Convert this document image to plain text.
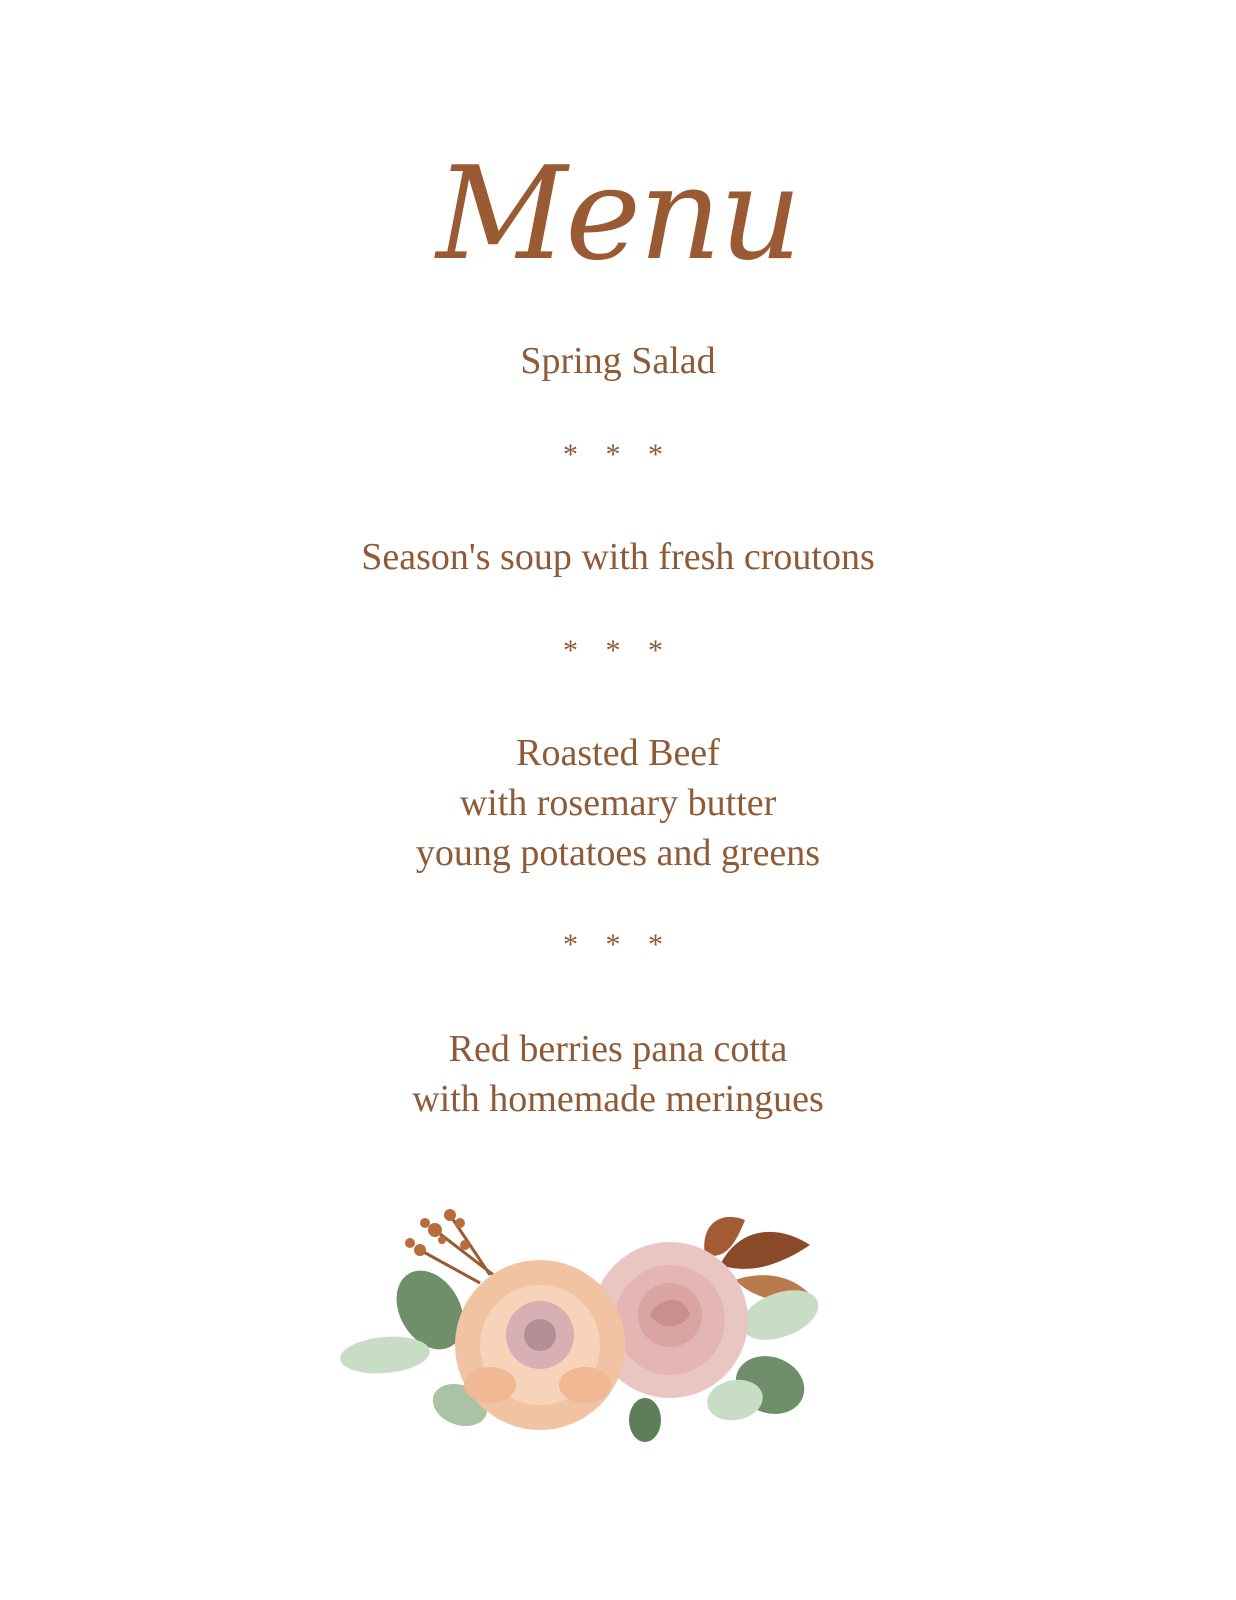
Menu
Spring Salad
* * *
Season's soup with fresh croutons
* * *
Roasted Beef
with rosemary butter
young potatoes and greens
* * *
Red berries pana cotta
with homemade meringues
